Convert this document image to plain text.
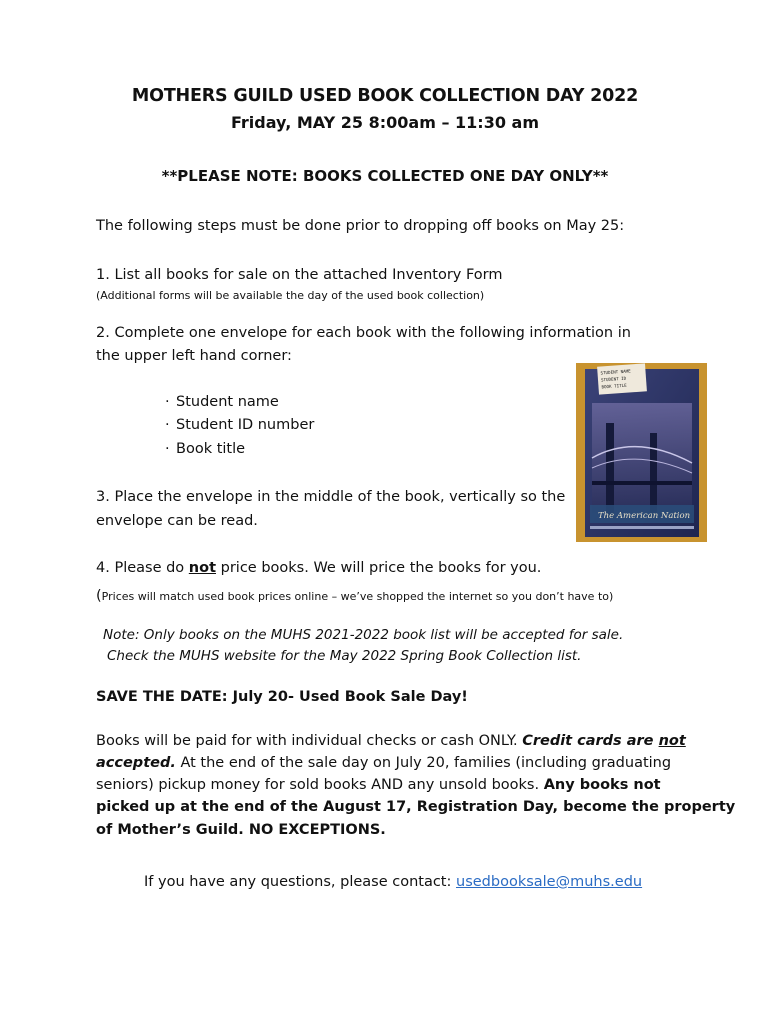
MOTHERS GUILD USED BOOK COLLECTION DAY 2022
Friday, MAY 25 8:00am – 11:30 am
**PLEASE NOTE: BOOKS COLLECTED ONE DAY ONLY**
The following steps must be done prior to dropping off books on May 25:
1. List all books for sale on the attached Inventory Form
(Additional forms will be available the day of the used book collection)
2. Complete one envelope for each book with the following information in
the upper left hand corner:
· Student name
· Student ID number
· Book title
3. Place the envelope in the middle of the book, vertically so the
envelope can be read.
4. Please do not price books. We will price the books for you.
(Prices will match used book prices online – we’ve shopped the internet so you don’t have to)
Note: Only books on the MUHS 2021-2022 book list will be accepted for sale.
Check the MUHS website for the May 2022 Spring Book Collection list.
SAVE THE DATE: July 20- Used Book Sale Day!
Books will be paid for with individual checks or cash ONLY. Credit cards are not
accepted. At the end of the sale day on July 20, families (including graduating
seniors) pickup money for sold books AND any unsold books. Any books not
picked up at the end of the August 17, Registration Day, become the property
of Mother’s Guild. NO EXCEPTIONS.
If you have any questions, please contact: usedbooksale@muhs.edu
STUDENT NAME
STUDENT ID
BOOK TITLE
The American Nation
